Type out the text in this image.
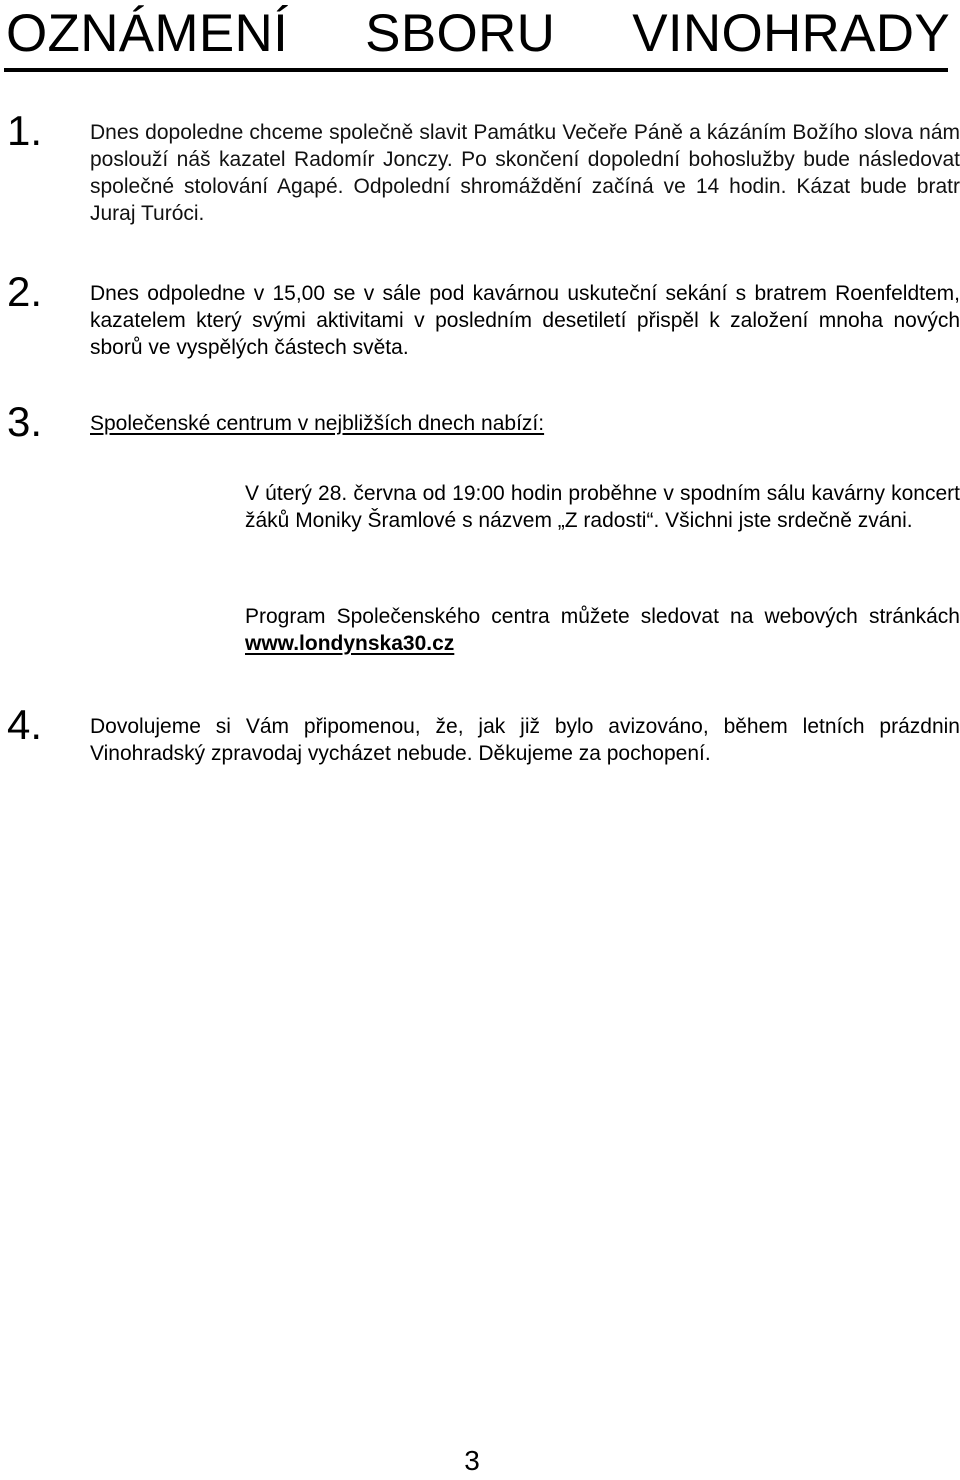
OZNÁMENÍ SBORU VINOHRADY
1. Dnes dopoledne chceme společně slavit Památku Večeře Páně a kázáním Božího slova nám poslouží náš kazatel Radomír Jonczy. Po skončení dopolední bohoslužby bude následovat společné stolování Agapé. Odpolední shromáždění začíná ve 14 hodin. Kázat bude bratr Juraj Turóci.

2. Dnes odpoledne v 15,00 se v sále pod kavárnou uskuteční sekání s bratrem Roenfeldtem, kazatelem který svými aktivitami v posledním desetiletí přispěl k založení mnoha nových sborů ve vyspělých částech světa.

3. Společenské centrum v nejbližších dnech nabízí:

V úterý 28. června od 19:00 hodin proběhne v spodním sálu kavárny koncert žáků Moniky Šramlové s názvem „Z radosti“. Všichni jste srdečně zváni.

Program Společenského centra můžete sledovat na webových stránkách www.londynska30.cz

4. Dovolujeme si Vám připomenou, že, jak již bylo avizováno, během letních prázdnin Vinohradský zpravodaj vycházet nebude. Děkujeme za pochopení.

3
